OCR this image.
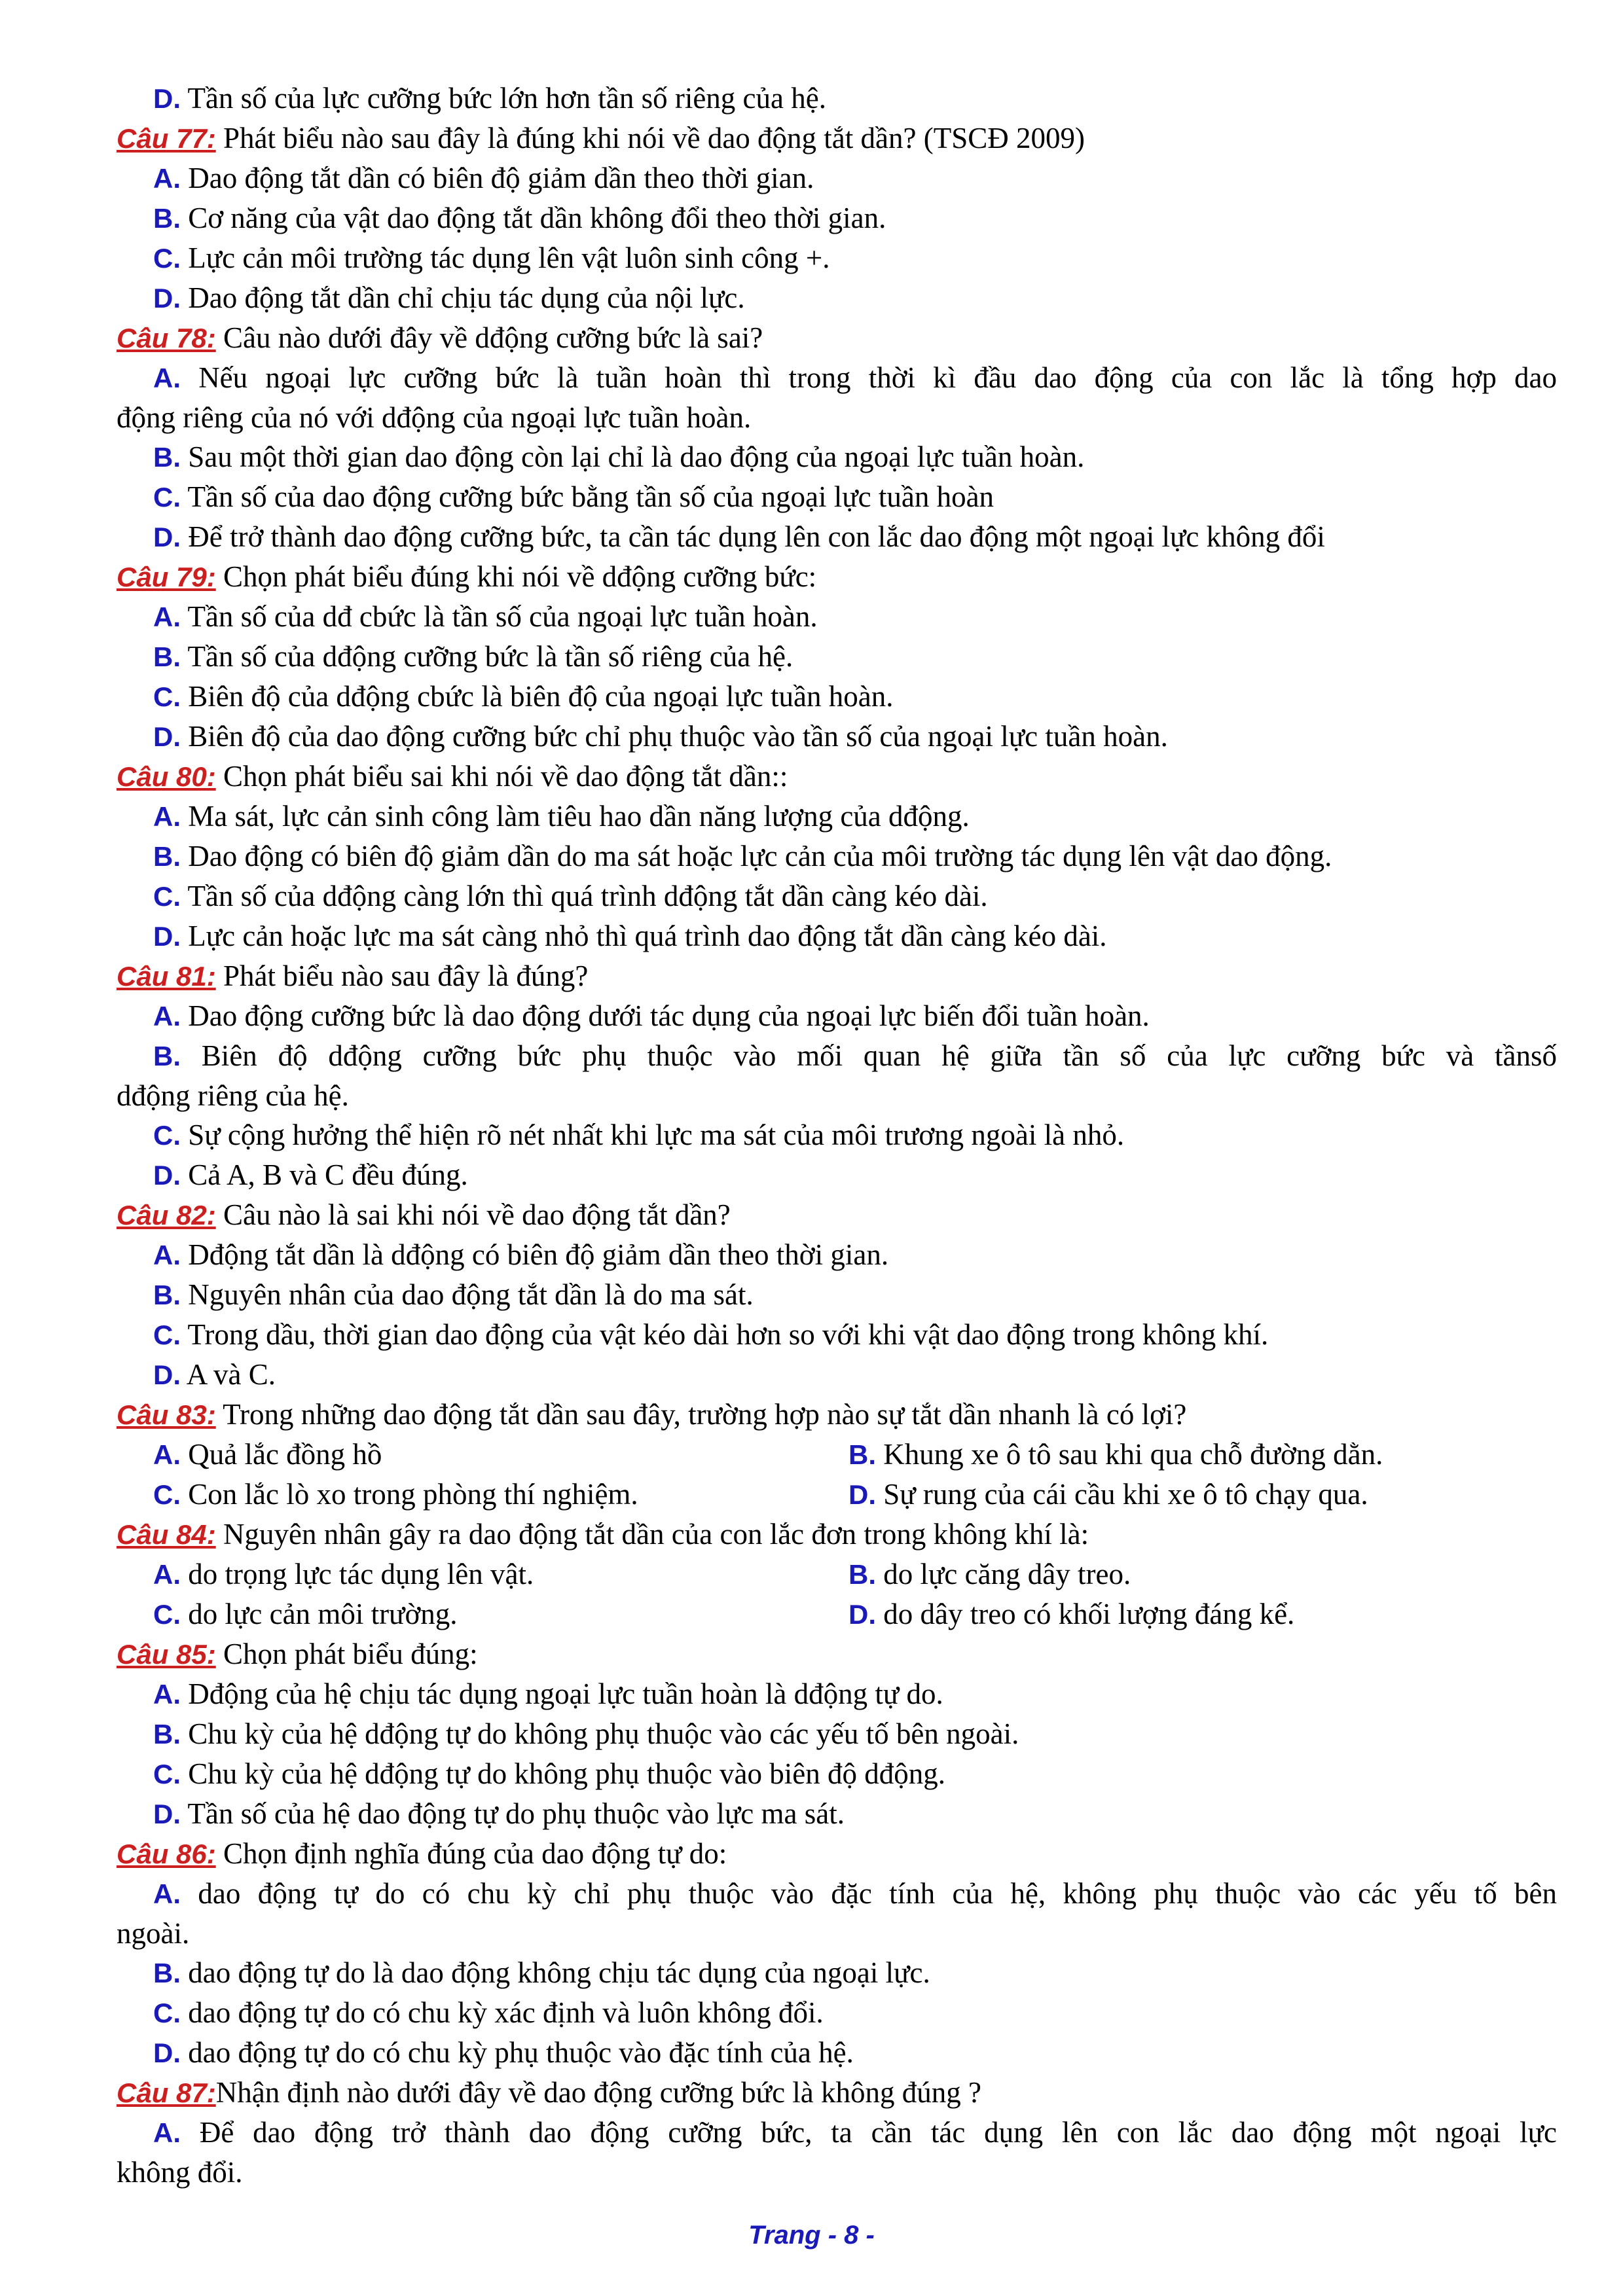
D. Tần số của lực cưỡng bức lớn hơn tần số riêng của hệ.
Câu 77: Phát biểu nào sau đây là đúng khi nói về dao động tắt dần? (TSCĐ 2009)
A. Dao động tắt dần có biên độ giảm dần theo thời gian.
B. Cơ năng của vật dao động tắt dần không đổi theo thời gian.
C. Lực cản môi trường tác dụng lên vật luôn sinh công +.
D. Dao động tắt dần chỉ chịu tác dụng của nội lực.
Câu 78: Câu nào dưới đây về dđộng cưỡng bức là sai?
A. Nếu ngoại lực cưỡng bức là tuần hoàn thì trong thời kì đầu dao động của con lắc là tổng hợp dao
động riêng của nó với dđộng của ngoại lực tuần hoàn.
B. Sau một thời gian dao động còn lại chỉ là dao động của ngoại lực tuần hoàn.
C. Tần số của dao động cưỡng bức bằng tần số của ngoại lực tuần hoàn
D. Để trở thành dao động cưỡng bức, ta cần tác dụng lên con lắc dao động một ngoại lực không đổi
Câu 79: Chọn phát biểu đúng khi nói về dđộng cưỡng bức:
A. Tần số của dđ cbức là tần số của ngoại lực tuần hoàn.
B. Tần số của dđộng cưỡng bức là tần số riêng của hệ.
C. Biên độ của dđộng cbức là biên độ của ngoại lực tuần hoàn.
D. Biên độ của dao động cưỡng bức chỉ phụ thuộc vào tần số của ngoại lực tuần hoàn.
Câu 80: Chọn phát biểu sai khi nói về dao động tắt dần::
A. Ma sát, lực cản sinh công làm tiêu hao dần năng lượng của dđộng.
B. Dao động có biên độ giảm dần do ma sát hoặc lực cản của môi trường tác dụng lên vật dao động.
C. Tần số của dđộng càng lớn thì quá trình dđộng tắt dần càng kéo dài.
D. Lực cản hoặc lực ma sát càng nhỏ thì quá trình dao động tắt dần càng kéo dài.
Câu 81: Phát biểu nào sau đây là đúng?
A. Dao động cưỡng bức là dao động dưới tác dụng của ngoại lực biến đổi tuần hoàn.
B. Biên độ dđộng cưỡng bức phụ thuộc vào mối quan hệ giữa tần số của lực cưỡng bức và tầnsố
dđộng riêng của hệ.
C. Sự cộng hưởng thể hiện rõ nét nhất khi lực ma sát của môi trương ngoài là nhỏ.
D. Cả A, B và C đều đúng.
Câu 82: Câu nào là sai khi nói về dao động tắt dần?
A. Dđộng tắt dần là dđộng có biên độ giảm dần theo thời gian.
B. Nguyên nhân của dao động tắt dần là do ma sát.
C. Trong dầu, thời gian dao động của vật kéo dài hơn so với khi vật dao động trong không khí.
D. A và C.
Câu 83: Trong những dao động tắt dần sau đây, trường hợp nào sự tắt dần nhanh là có lợi?
A. Quả lắc đồng hồ	B. Khung xe ô tô sau khi qua chỗ đường dằn.
C. Con lắc lò xo trong phòng thí nghiệm.	D. Sự rung của cái cầu khi xe ô tô chạy qua.
Câu 84: Nguyên nhân gây ra dao động tắt dần của con lắc đơn trong không khí là:
A. do trọng lực tác dụng lên vật.	B. do lực căng dây treo.
C. do lực cản môi trường.	D. do dây treo có khối lượng đáng kể.
Câu 85: Chọn phát biểu đúng:
A. Dđộng của hệ chịu tác dụng ngoại lực tuần hoàn là dđộng tự do.
B. Chu kỳ của hệ dđộng tự do không phụ thuộc vào các yếu tố bên ngoài.
C. Chu kỳ của hệ dđộng tự do không phụ thuộc vào biên độ dđộng.
D. Tần số của hệ dao động tự do phụ thuộc vào lực ma sát.
Câu 86: Chọn định nghĩa đúng của dao động tự do:
A. dao động tự do có chu kỳ chỉ phụ thuộc vào đặc tính của hệ, không phụ thuộc vào các yếu tố bên
ngoài.
B. dao động tự do là dao động không chịu tác dụng của ngoại lực.
C. dao động tự do có chu kỳ xác định và luôn không đổi.
D. dao động tự do có chu kỳ phụ thuộc vào đặc tính của hệ.
Câu 87:Nhận định nào dưới đây về dao động cưỡng bức là không đúng ?
A. Để dao động trở thành dao động cưỡng bức, ta cần tác dụng lên con lắc dao động một ngoại lực
không đổi.
Trang - 8 -
